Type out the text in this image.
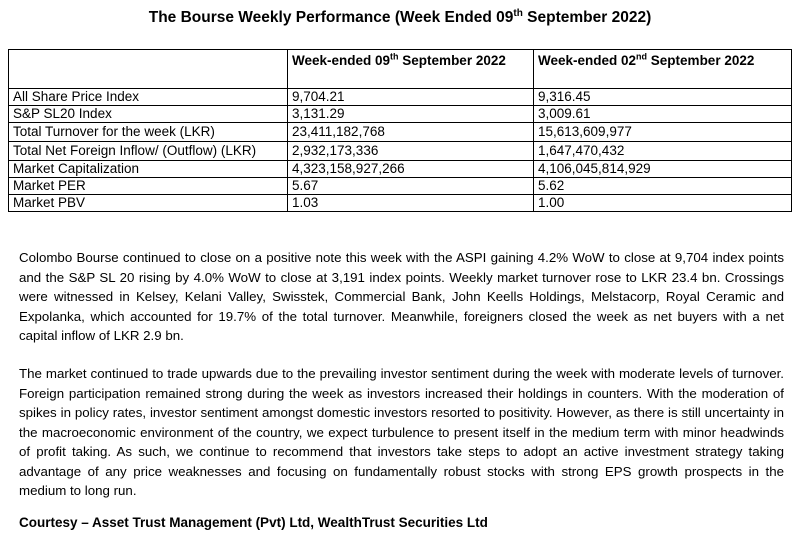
The Bourse Weekly Performance (Week Ended 09th September 2022)
	Week-ended 09th September 2022	Week-ended 02nd September 2022
All Share Price Index	9,704.21	9,316.45
S&P SL20 Index	3,131.29	3,009.61
Total Turnover for the week (LKR)	23,411,182,768	15,613,609,977
Total Net Foreign Inflow/ (Outflow) (LKR)	2,932,173,336	1,647,470,432
Market Capitalization	4,323,158,927,266	4,106,045,814,929
Market PER	5.67	5.62
Market PBV	1.03	1.00

Colombo Bourse continued to close on a positive note this week with the ASPI gaining 4.2% WoW to close at 9,704 index points and the S&P SL 20 rising by 4.0% WoW to close at 3,191 index points. Weekly market turnover rose to LKR 23.4 bn. Crossings were witnessed in Kelsey, Kelani Valley, Swisstek, Commercial Bank, John Keells Holdings, Melstacorp, Royal Ceramic and Expolanka, which accounted for 19.7% of the total turnover. Meanwhile, foreigners closed the week as net buyers with a net capital inflow of LKR 2.9 bn.

The market continued to trade upwards due to the prevailing investor sentiment during the week with moderate levels of turnover. Foreign participation remained strong during the week as investors increased their holdings in counters. With the moderation of spikes in policy rates, investor sentiment amongst domestic investors resorted to positivity. However, as there is still uncertainty in the macroeconomic environment of the country, we expect turbulence to present itself in the medium term with minor headwinds of profit taking. As such, we continue to recommend that investors take steps to adopt an active investment strategy taking advantage of any price weaknesses and focusing on fundamentally robust stocks with strong EPS growth prospects in the medium to long run.

Courtesy – Asset Trust Management (Pvt) Ltd, WealthTrust Securities Ltd
